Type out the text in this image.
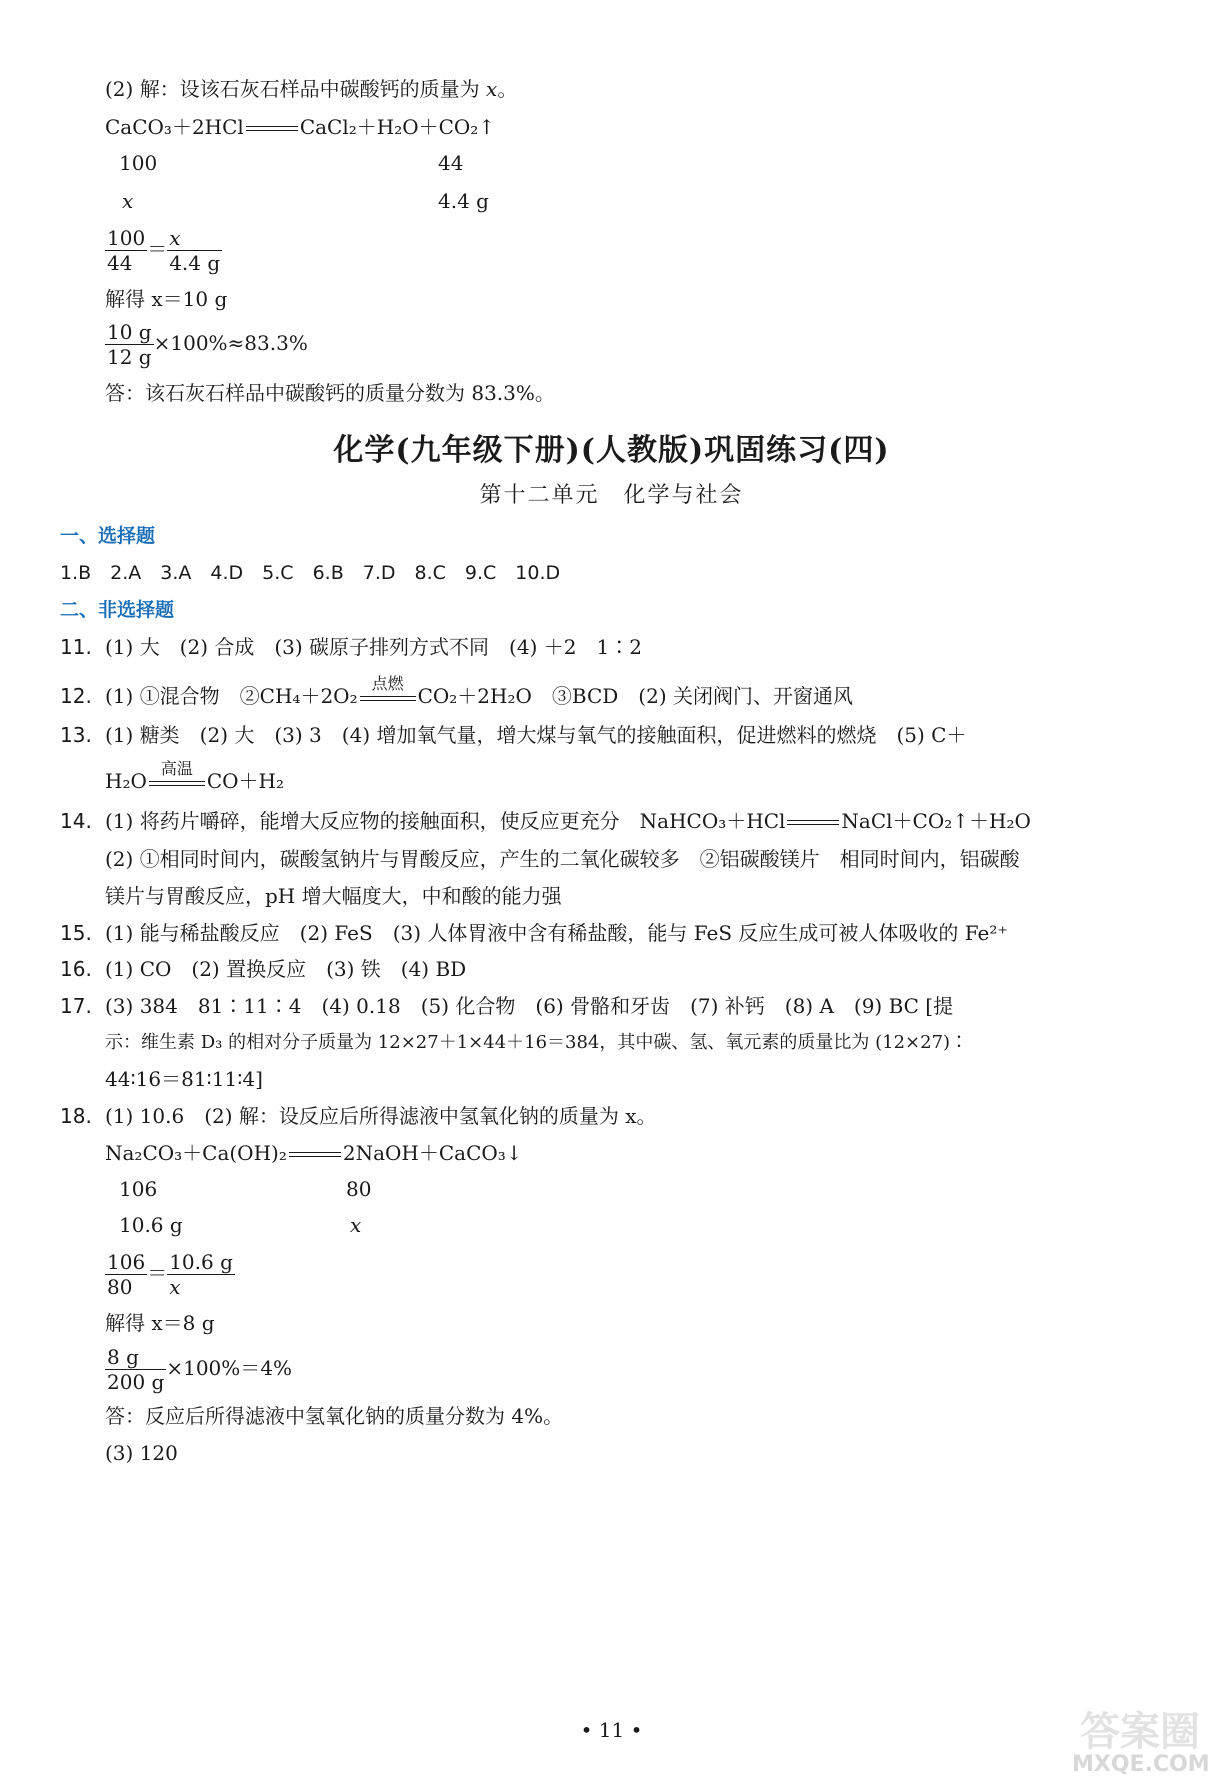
(2) 解：设该石灰石样品中碳酸钙的质量为 x。
CaCO₃＋2HCl	CaCl₂＋H₂O＋CO₂↑
100	44
x	4.4 g
$\frac{100}{44} = \frac{x}{4.4 g}$
解得 x＝10 g
$\frac{10 g}{12 g} \times 100\%\approx 83.3\%$
答：该石灰石样品中碳酸钙的质量分数为 83.3%。
化学(九年级下册)(人教版)巩固练习(四)
第十二单元　化学与社会
一、选择题
1.B　2.A　3.A　4.D　5.C　6.B　7.D　8.C　9.C　10.D
二、非选择题
11. (1) 大　(2) 合成　(3) 碳原子排列方式不同　(4) ＋2　1∶2
12. (1) ①混合物　②CH₄＋2O₂
点燃
CO₂＋2H₂O　③BCD　(2) 关闭阀门、开窗通风
13. (1) 糖类　(2) 大　(3) 3　(4) 增加氧气量，增大煤与氧气的接触面积，促进燃料的燃烧　(5) C＋
H₂O
高温
CO＋H₂
14. (1) 将药片嚼碎，能增大反应物的接触面积，使反应更充分　NaHCO₃＋HCl	NaCl＋CO₂↑＋H₂O
(2) ①相同时间内，碳酸氢钠片与胃酸反应，产生的二氧化碳较多　②铝碳酸镁片　相同时间内，铝碳酸
镁片与胃酸反应，pH 增大幅度大，中和酸的能力强
15. (1) 能与稀盐酸反应　(2) FeS　(3) 人体胃液中含有稀盐酸，能与 FeS 反应生成可被人体吸收的 Fe²⁺
16. (1) CO　(2) 置换反应　(3) 铁　(4) BD
17. (3) 384　81∶11∶4　(4) 0.18　(5) 化合物　(6) 骨骼和牙齿　(7) 补钙　(8) A　(9) BC [提
示：维生素 D₃ 的相对分子质量为 12×27＋1×44＋16＝384，其中碳、氢、氧元素的质量比为 (12×27)∶
44∶16＝81∶11∶4]
18. (1) 10.6　(2) 解：设反应后所得滤液中氢氧化钠的质量为 x。
Na₂CO₃＋Ca(OH)₂	2NaOH＋CaCO₃↓
106	80
10.6 g	x
$\frac{106}{80} = \frac{10.6 g}{x}$
解得 x＝8 g
$\frac{8 g}{200 g} \times 100\%=4\%$
答：反应后所得滤液中氢氧化钠的质量分数为 4%。
(3) 120
• 11 •	答案圈
MXQE.COM
